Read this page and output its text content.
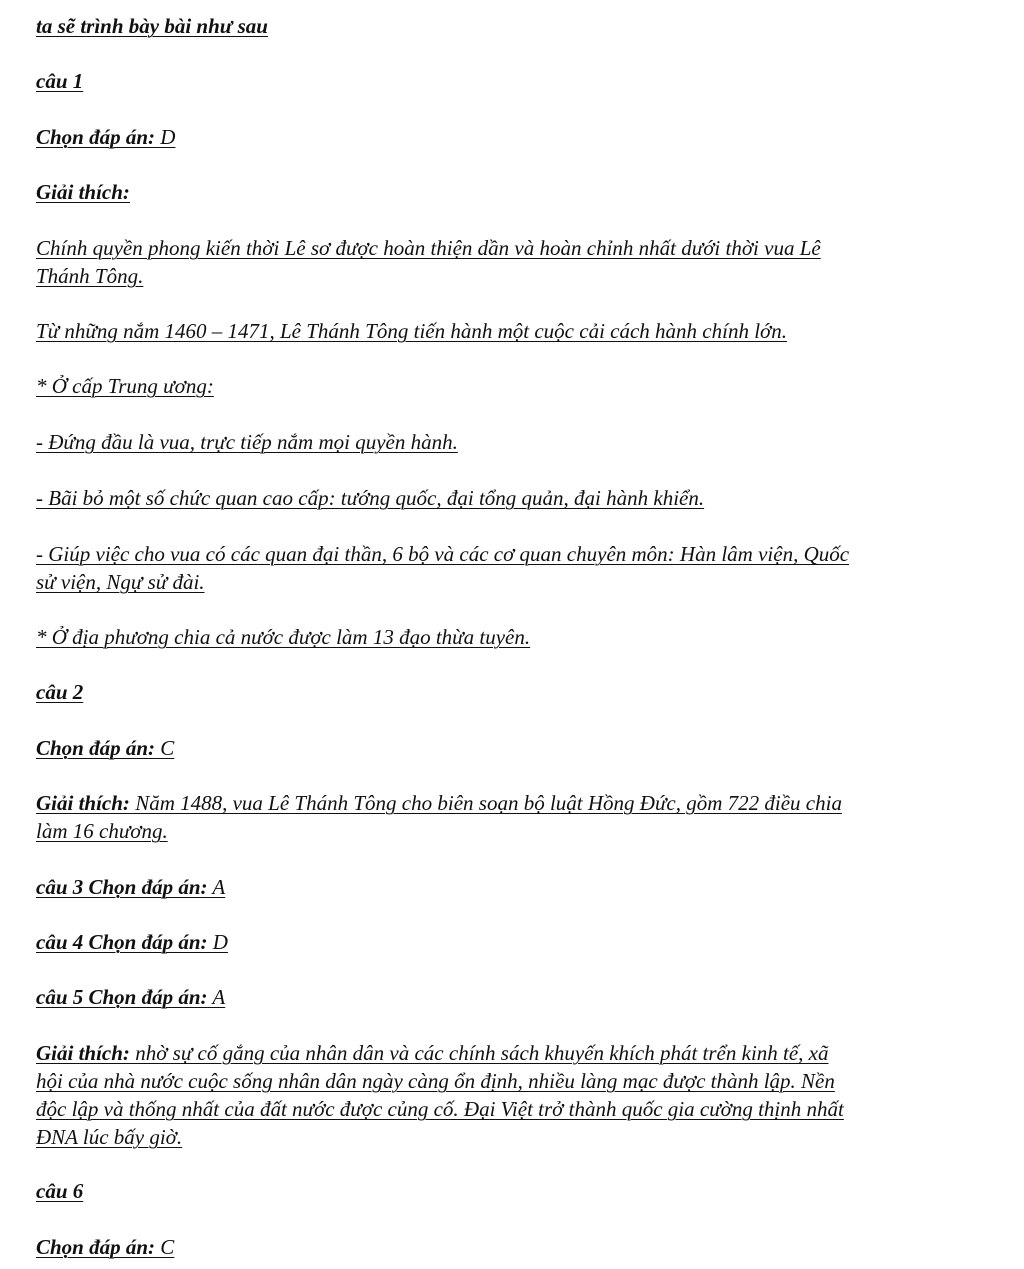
ta sẽ trình bày bài như sau
câu 1
Chọn đáp án: D
Giải thích:
Chính quyền phong kiến thời Lê sơ được hoàn thiện dần và hoàn chỉnh nhất dưới thời vua Lê
Thánh Tông.
Từ những nắm 1460 – 1471, Lê Thánh Tông tiến hành một cuộc cải cách hành chính lớn.
* Ở cấp Trung ương:
- Đứng đầu là vua, trực tiếp nắm mọi quyền hành.
- Bãi bỏ một số chức quan cao cấp: tướng quốc, đại tổng quản, đại hành khiển.
- Giúp việc cho vua có các quan đại thần, 6 bộ và các cơ quan chuyên môn: Hàn lâm viện, Quốc
sử viện, Ngự sử đài.
* Ở địa phương chia cả nước được làm 13 đạo thừa tuyên.
câu 2
Chọn đáp án: C
Giải thích: Năm 1488, vua Lê Thánh Tông cho biên soạn bộ luật Hồng Đức, gồm 722 điều chia
làm 16 chương.
câu 3 Chọn đáp án: A
câu 4 Chọn đáp án: D
câu 5 Chọn đáp án: A
Giải thích: nhờ sự cố gắng của nhân dân và các chính sách khuyến khích phát trển kinh tế, xã
hội của nhà nước cuộc sống nhân dân ngày càng ổn định, nhiều làng mạc được thành lập. Nền
độc lập và thống nhất của đất nước được củng cố. Đại Việt trở thành quốc gia cường thịnh nhất
ĐNA lúc bấy giờ.
câu 6
Chọn đáp án: C
